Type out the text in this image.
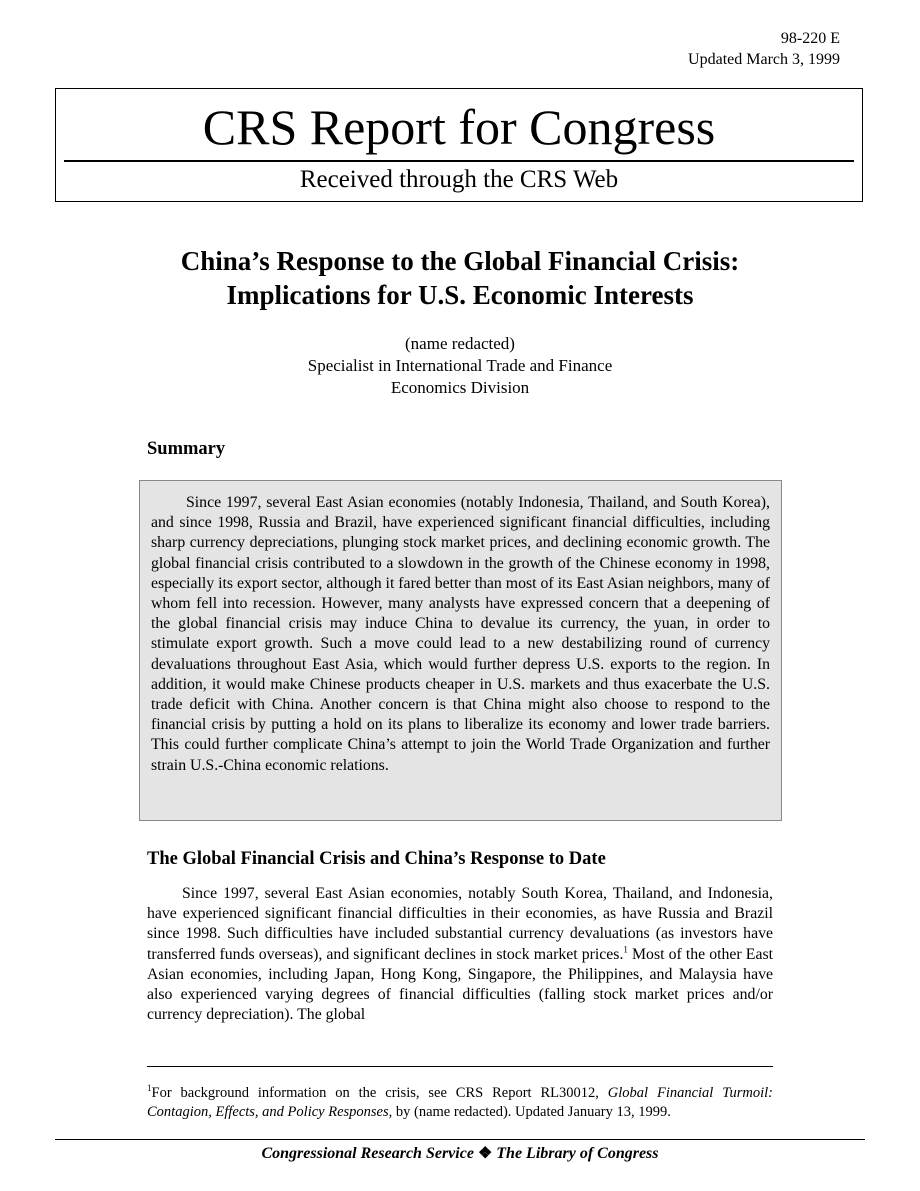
98-220 E
Updated March 3, 1999
CRS Report for Congress
Received through the CRS Web
China’s Response to the Global Financial Crisis:
Implications for U.S. Economic Interests
(name redacted)
Specialist in International Trade and Finance
Economics Division
Summary

Since 1997, several East Asian economies (notably Indonesia, Thailand, and South Korea), and since 1998, Russia and Brazil, have experienced significant financial difficulties, including sharp currency depreciations, plunging stock market prices, and declining economic growth. The global financial crisis contributed to a slowdown in the growth of the Chinese economy in 1998, especially its export sector, although it fared better than most of its East Asian neighbors, many of whom fell into recession. However, many analysts have expressed concern that a deepening of the global financial crisis may induce China to devalue its currency, the yuan, in order to stimulate export growth. Such a move could lead to a new destabilizing round of currency devaluations throughout East Asia, which would further depress U.S. exports to the region. In addition, it would make Chinese products cheaper in U.S. markets and thus exacerbate the U.S. trade deficit with China. Another concern is that China might also choose to respond to the financial crisis by putting a hold on its plans to liberalize its economy and lower trade barriers. This could further complicate China’s attempt to join the World Trade Organization and further strain U.S.-China economic relations.

The Global Financial Crisis and China’s Response to Date

Since 1997, several East Asian economies, notably South Korea, Thailand, and Indonesia, have experienced significant financial difficulties in their economies, as have Russia and Brazil since 1998. Such difficulties have included substantial currency devaluations (as investors have transferred funds overseas), and significant declines in stock market prices.$^1$ Most of the other East Asian economies, including Japan, Hong Kong, Singapore, the Philippines, and Malaysia have also experienced varying degrees of financial difficulties (falling stock market prices and/or currency depreciation). The global

$^1$For background information on the crisis, see CRS Report RL30012, Global Financial Turmoil: Contagion, Effects, and Policy Responses, by (name redacted). Updated January 13, 1999.
Congressional Research Service ❖ The Library of Congress
